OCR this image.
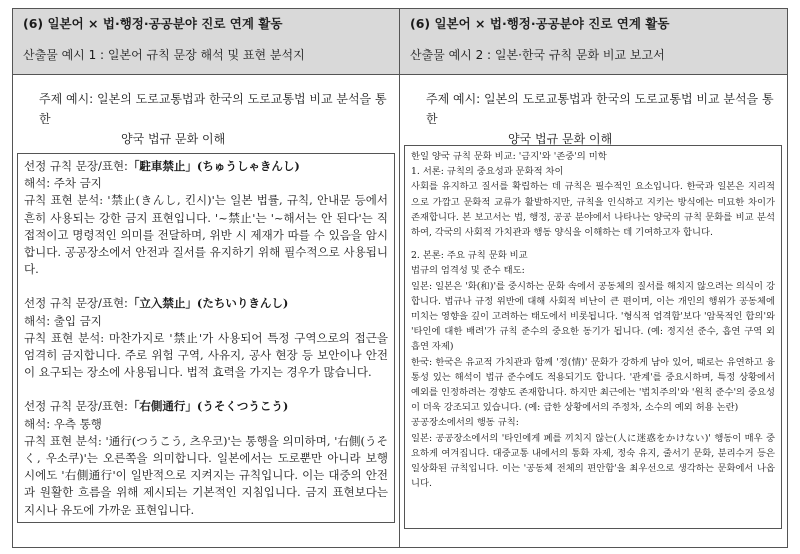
(6) 일본어 × 법·행정·공공분야 진로 연계 활동
산출물 예시 1 : 일본어 규칙 문장 해석 및 표현 분석지
주제 예시: 일본의 도로교통법과 한국의 도로교통법 비교 분석을 통한
양국 법규 문화 이해
선정 규칙 문장/표현:「駐車禁止」(ちゅうしゃきんし)
해석: 주차 금지
규칙 표현 분석: '禁止(きんし, 킨시)'는 일본 법률, 규칙, 안내문 등에서 흔히 사용되는 강한 금지 표현입니다. '~禁止'는 '~해서는 안 된다'는 직접적이고 명령적인 의미를 전달하며, 위반 시 제재가 따를 수 있음을 암시합니다. 공공장소에서 안전과 질서를 유지하기 위해 필수적으로 사용됩니다.
선정 규칙 문장/표현:「立入禁止」(たちいりきんし)
해석: 출입 금지
규칙 표현 분석: 마찬가지로 '禁止'가 사용되어 특정 구역으로의 접근을 엄격히 금지합니다. 주로 위험 구역, 사유지, 공사 현장 등 보안이나 안전이 요구되는 장소에 사용됩니다. 법적 효력을 가지는 경우가 많습니다.
선정 규칙 문장/표현:「右側通行」(うそくつうこう)
해석: 우측 통행
규칙 표현 분석: '通行(つうこう, 츠우코)'는 통행을 의미하며, '右側(うそく, 우소쿠)'는 오른쪽을 의미합니다. 일본에서는 도로뿐만 아니라 보행 시에도 '右側通行'이 일반적으로 지켜지는 규칙입니다. 이는 대중의 안전과 원활한 흐름을 위해 제시되는 기본적인 지침입니다. 금지 표현보다는 지시나 유도에 가까운 표현입니다.
(6) 일본어 × 법·행정·공공분야 진로 연계 활동
산출물 예시 2 : 일본·한국 규칙 문화 비교 보고서
주제 예시: 일본의 도로교통법과 한국의 도로교통법 비교 분석을 통한
양국 법규 문화 이해

한일 양국 규칙 문화 비교: '금지'와 '존중'의 미학

1. 서론: 규칙의 중요성과 문화적 차이

사회를 유지하고 질서를 확립하는 데 규칙은 필수적인 요소입니다. 한국과 일본은 지리적으로 가깝고 문화적 교류가 활발하지만, 규칙을 인식하고 지키는 방식에는 미묘한 차이가 존재합니다. 본 보고서는 법, 행정, 공공 분야에서 나타나는 양국의 규칙 문화를 비교 분석하여, 각국의 사회적 가치관과 행동 양식을 이해하는 데 기여하고자 합니다.

2. 본론: 주요 규칙 문화 비교

법규의 엄격성 및 준수 태도:

일본: 일본은 '화(和)'를 중시하는 문화 속에서 공동체의 질서를 해치지 않으려는 의식이 강합니다. 법규나 규정 위반에 대해 사회적 비난이 큰 편이며, 이는 개인의 행위가 공동체에 미치는 영향을 깊이 고려하는 태도에서 비롯됩니다. '형식적 엄격함'보다 '암묵적인 합의'와 '타인에 대한 배려'가 규칙 준수의 중요한 동기가 됩니다. (예: 정지선 준수, 흡연 구역 외 흡연 자제)

한국: 한국은 유교적 가치관과 함께 '정(情)' 문화가 강하게 남아 있어, 때로는 유연하고 융통성 있는 해석이 법규 준수에도 적용되기도 합니다. '관계'를 중요시하며, 특정 상황에서 예외를 인정하려는 경향도 존재합니다. 하지만 최근에는 '법치주의'와 '원칙 준수'의 중요성이 더욱 강조되고 있습니다. (예: 급한 상황에서의 주정차, 소수의 예외 허용 논란)

공공장소에서의 행동 규칙:

일본: 공공장소에서의 '타인에게 폐를 끼치지 않는(人に迷惑をかけない)' 행동이 매우 중요하게 여겨집니다. 대중교통 내에서의 통화 자제, 정숙 유지, 줄서기 문화, 분리수거 등은 일상화된 규칙입니다. 이는 '공동체 전체의 편안함'을 최우선으로 생각하는 문화에서 나옵니다.
